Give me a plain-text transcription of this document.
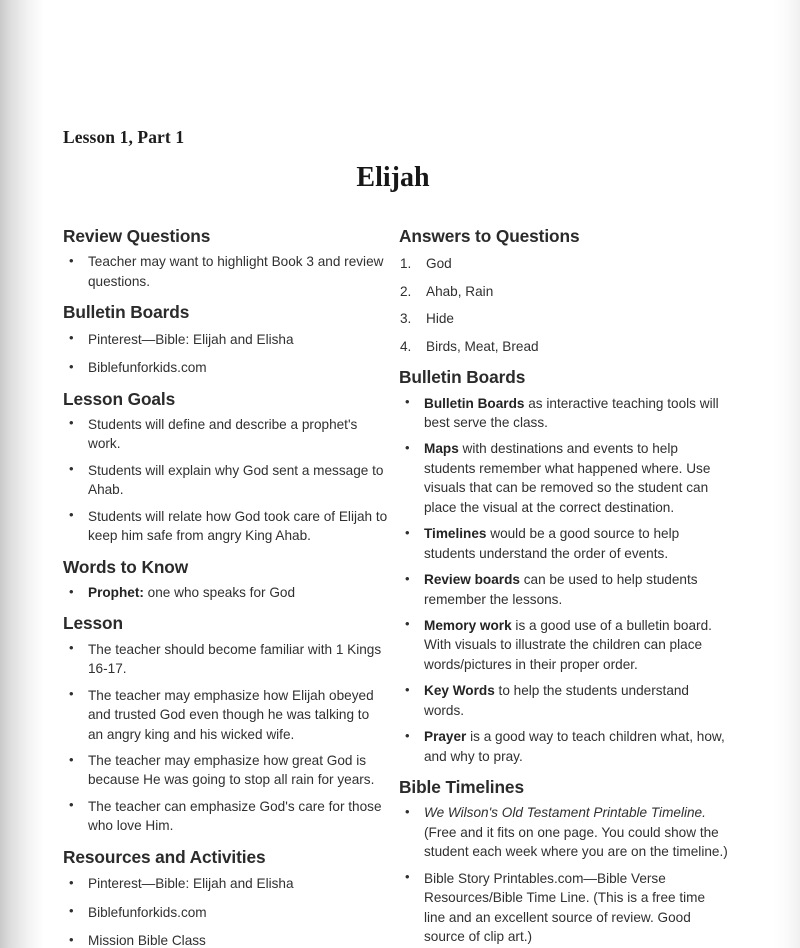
Lesson 1, Part 1
Elijah
Review Questions
• Teacher may want to highlight Book 3 and review questions.
Bulletin Boards
• Pinterest—Bible: Elijah and Elisha
• Biblefunforkids.com
Lesson Goals
• Students will define and describe a prophet's work.
• Students will explain why God sent a message to Ahab.
• Students will relate how God took care of Elijah to keep him safe from angry King Ahab.
Words to Know
• Prophet: one who speaks for God
Lesson
• The teacher should become familiar with 1 Kings 16-17.
• The teacher may emphasize how Elijah obeyed and trusted God even though he was talking to an angry king and his wicked wife.
• The teacher may emphasize how great God is because He was going to stop all rain for years.
• The teacher can emphasize God's care for those who love Him.
Resources and Activities
• Pinterest—Bible: Elijah and Elisha
• Biblefunforkids.com
• Mission Bible Class
Answers to Questions
1. God
2. Ahab, Rain
3. Hide
4. Birds, Meat, Bread
Bulletin Boards
• Bulletin Boards as interactive teaching tools will best serve the class.
• Maps with destinations and events to help students remember what happened where. Use visuals that can be removed so the student can place the visual at the correct destination.
• Timelines would be a good source to help students understand the order of events.
• Review boards can be used to help students remember the lessons.
• Memory work is a good use of a bulletin board. With visuals to illustrate the children can place words/pictures in their proper order.
• Key Words to help the students understand words.
• Prayer is a good way to teach children what, how, and why to pray.
Bible Timelines
• We Wilson's Old Testament Printable Timeline. (Free and it fits on one page. You could show the student each week where you are on the timeline.)
• Bible Story Printables.com—Bible Verse Resources/Bible Time Line. (This is a free time line and an excellent source of review. Good source of clip art.)
